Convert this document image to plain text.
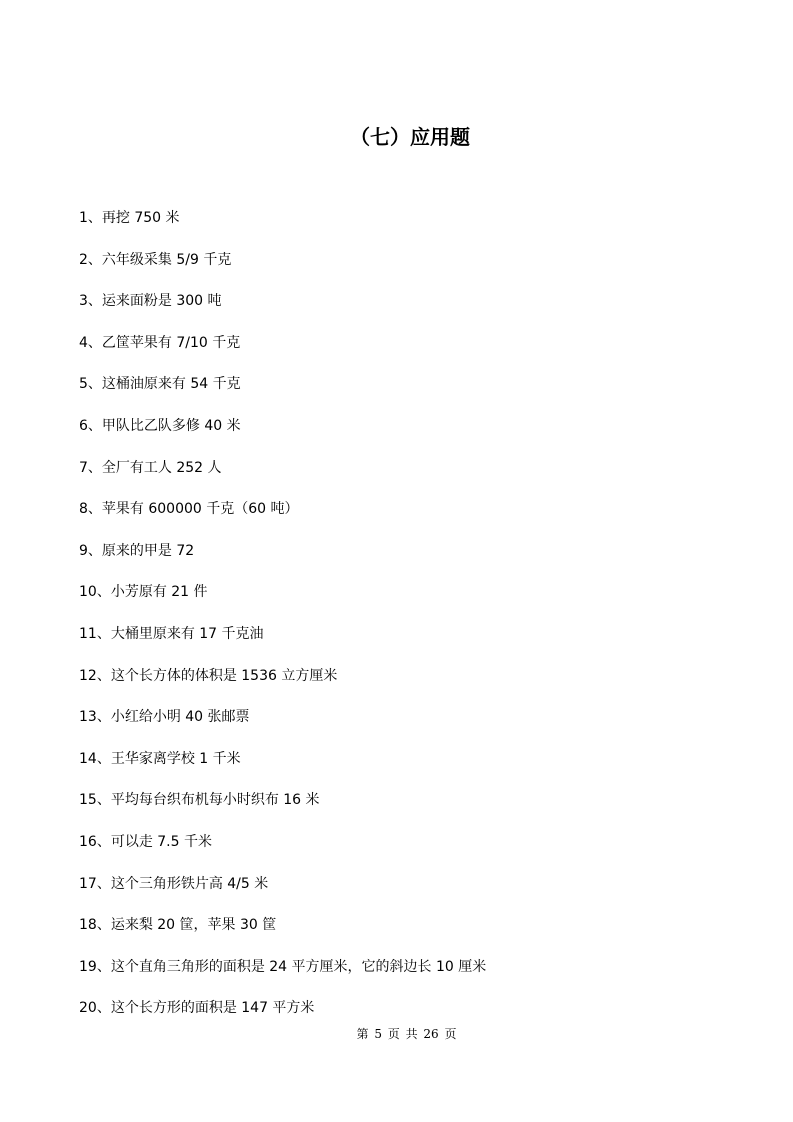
（七）应用题
1、再挖 750 米
2、六年级采集 5/9 千克
3、运来面粉是 300 吨
4、乙筐苹果有 7/10 千克
5、这桶油原来有 54 千克
6、甲队比乙队多修 40 米
7、全厂有工人 252 人
8、苹果有 600000 千克（60 吨）
9、原来的甲是 72
10、小芳原有 21 件
11、大桶里原来有 17 千克油
12、这个长方体的体积是 1536 立方厘米
13、小红给小明 40 张邮票
14、王华家离学校 1 千米
15、平均每台织布机每小时织布 16 米
16、可以走 7.5 千米
17、这个三角形铁片高 4/5 米
18、运来梨 20 筐，苹果 30 筐
19、这个直角三角形的面积是 24 平方厘米，它的斜边长 10 厘米
20、这个长方形的面积是 147 平方米
第 5 页 共 26 页
